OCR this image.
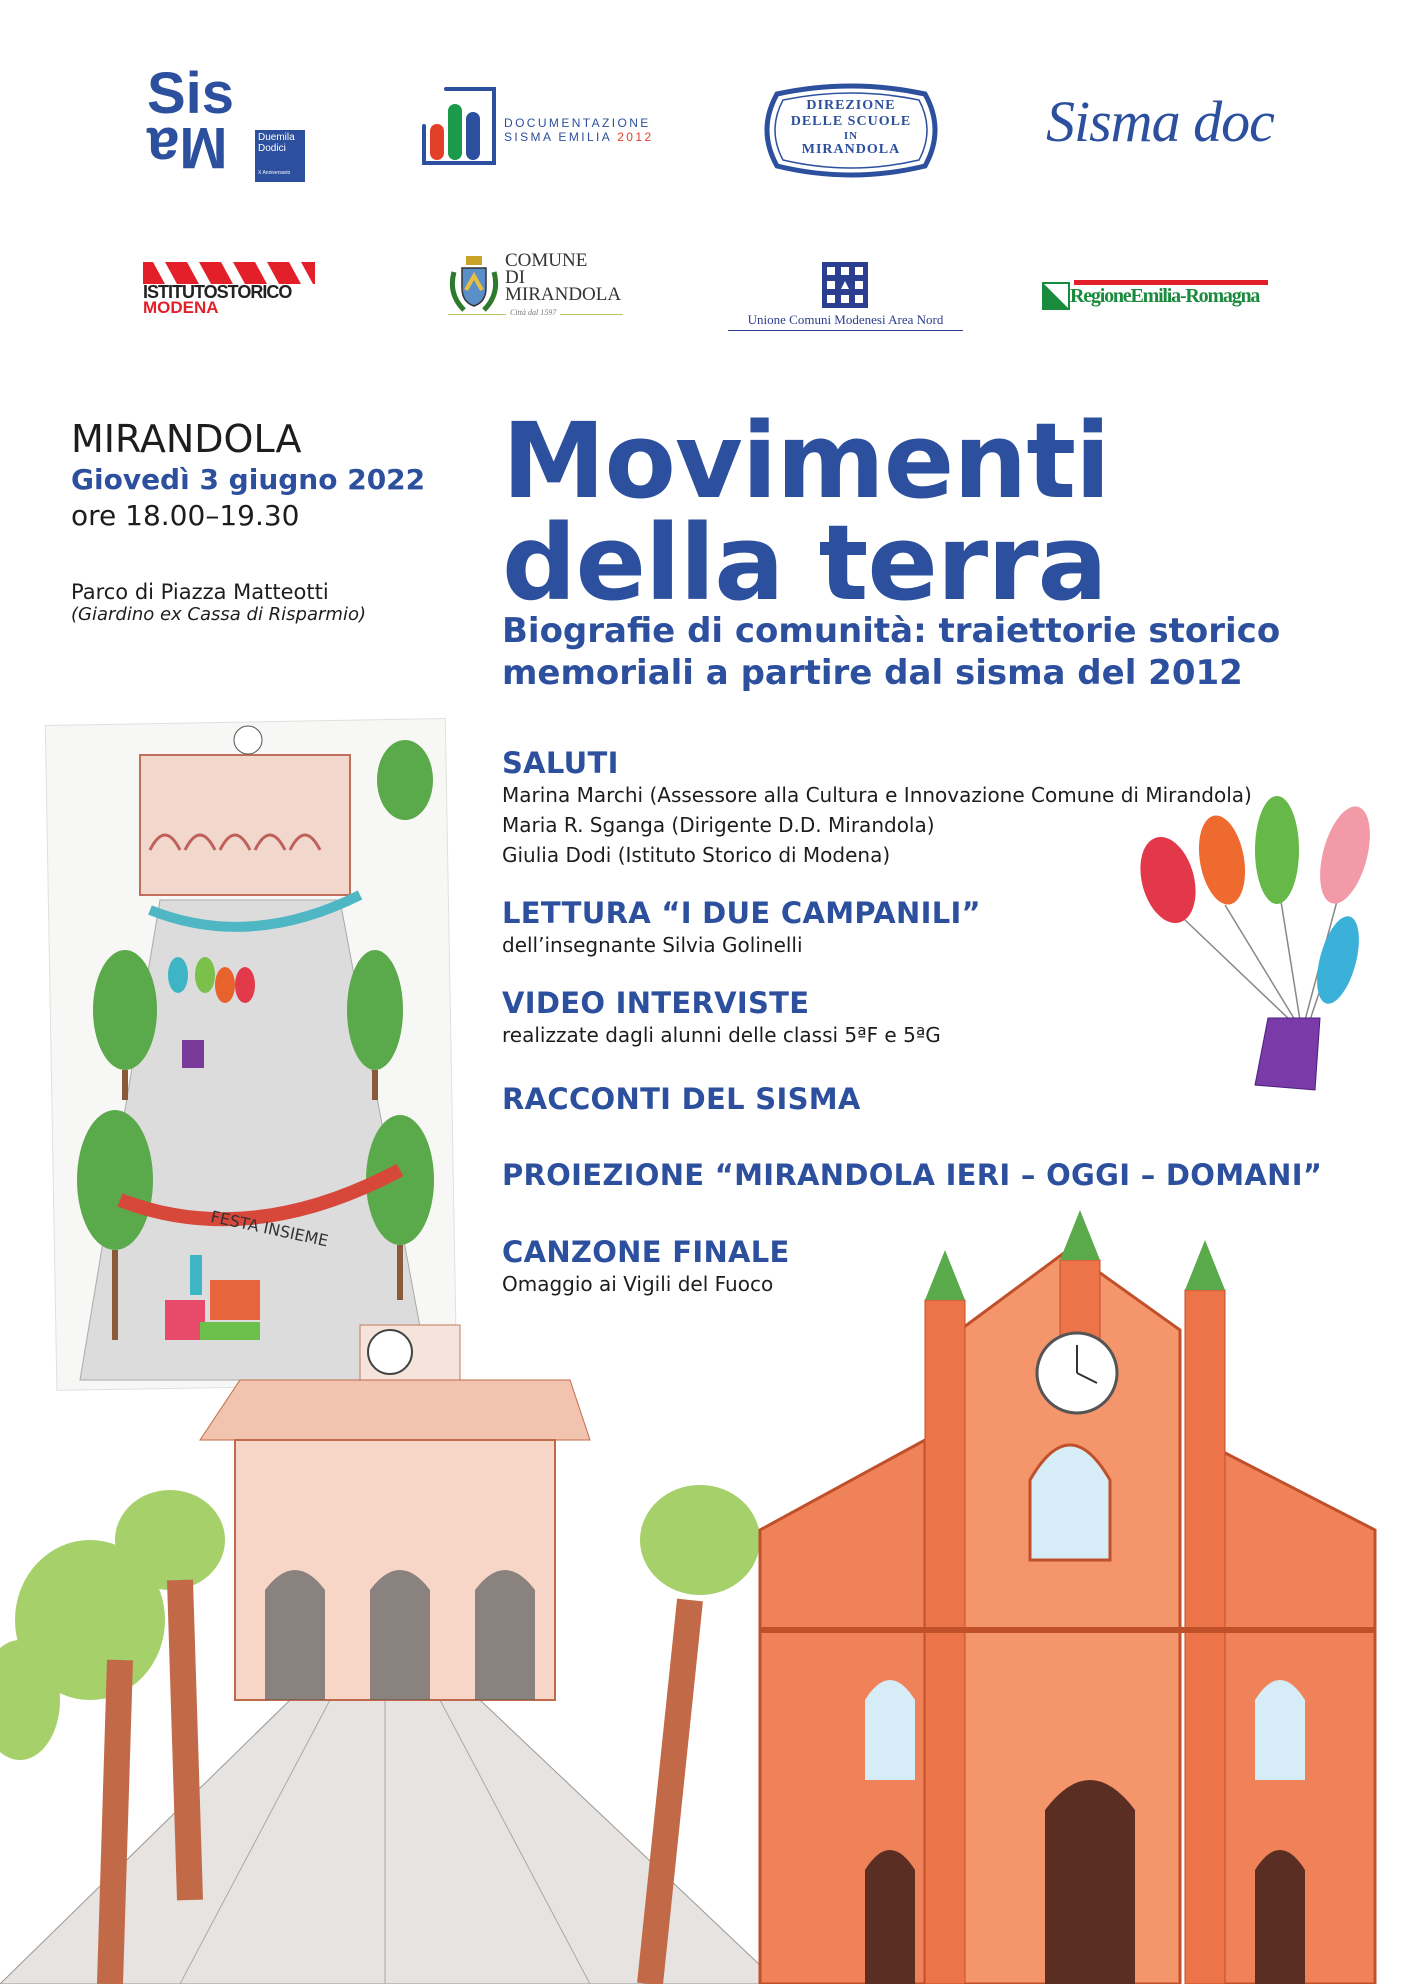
Sis
Ma	Duemila
Dodici
X Anniversario
DOCUMENTAZIONE
SISMA EMILIA 2012
DIREZIONE
DELLE SCUOLE
IN
MIRANDOLA	Sisma doc
ISTITUTOSTORICO
MODENA
COMUNE
DI
MIRANDOLA
Città dal 1597	Unione Comuni Modenesi Area Nord
RegioneEmilia-Romagna
MIRANDOLA
Giovedì 3 giugno 2022
ore 18.00–19.30
Parco di Piazza Matteotti
(Giardino ex Cassa di Risparmio)
Movimenti
della terra
Biografie di comunità: traiettorie storico
memoriali a partire dal sisma del 2012
FESTA INSIEME
SALUTI
Marina Marchi (Assessore alla Cultura e Innovazione Comune di Mirandola)
Maria R. Sganga (Dirigente D.D. Mirandola)
Giulia Dodi (Istituto Storico di Modena)
LETTURA “I DUE CAMPANILI”
dell’insegnante Silvia Golinelli
VIDEO INTERVISTE
realizzate dagli alunni delle classi 5ªF e 5ªG
RACCONTI DEL SISMA
PROIEZIONE “MIRANDOLA IERI – OGGI – DOMANI”
CANZONE FINALE
Omaggio ai Vigili del Fuoco
